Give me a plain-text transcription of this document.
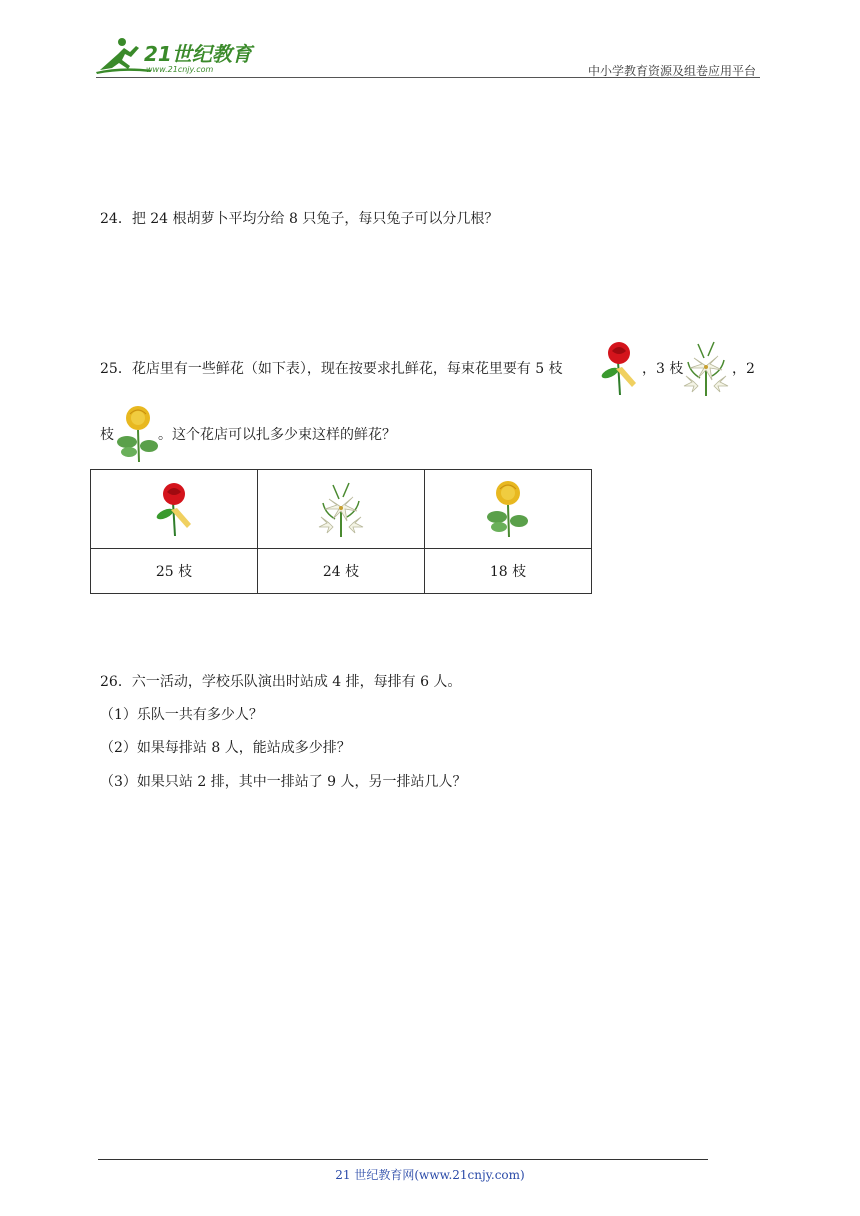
21世纪教育
www.21cnjy.com	中小学教育资源及组卷应用平台
24．把 24 根胡萝卜平均分给 8 只兔子，每只兔子可以分几根？
25．花店里有一些鲜花（如下表），现在按要求扎鲜花，每束花里要有 5 枝	，3 枝	，2
枝	。这个花店可以扎多少束这样的鲜花？

25 枝	24 枝	18 枝
26．六一活动，学校乐队演出时站成 4 排，每排有 6 人。
（1）乐队一共有多少人？
（2）如果每排站 8 人，能站成多少排？
（3）如果只站 2 排，其中一排站了 9 人，另一排站几人？
21 世纪教育网(www.21cnjy.com)
